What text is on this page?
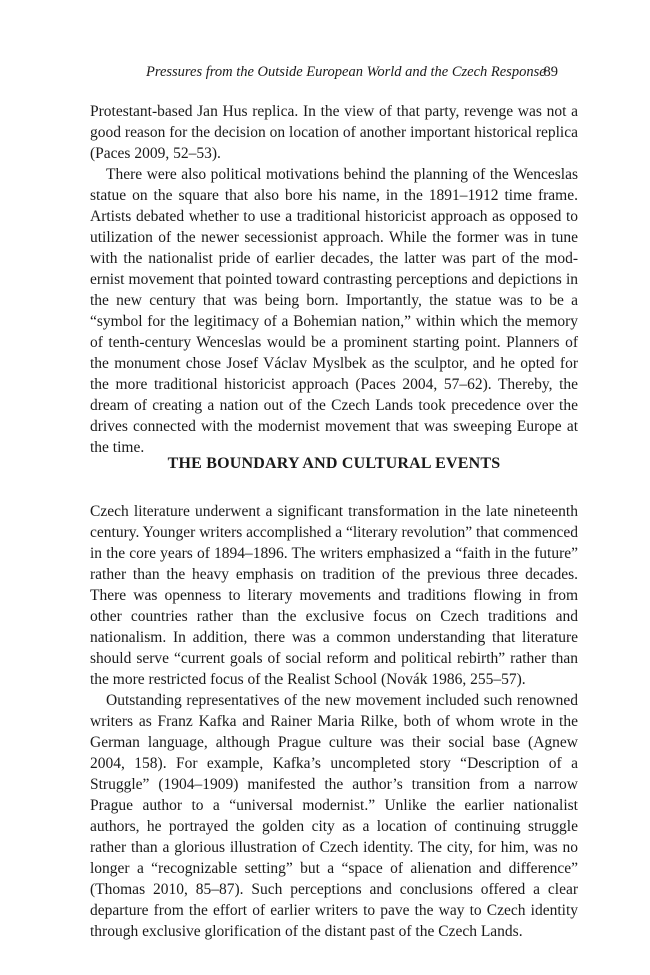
Pressures from the Outside European World and the Czech Response
89

Protestant-based Jan Hus replica. In the view of that party, revenge was not a good reason for the decision on location of another important historical replica (Paces 2009, 52–53).

There were also political motivations behind the planning of the Wenceslas statue on the square that also bore his name, in the 1891–1912 time frame. Artists debated whether to use a traditional historicist approach as opposed to utilization of the newer secessionist approach. While the former was in tune with the nationalist pride of earlier decades, the latter was part of the modernist movement that pointed toward contrasting perceptions and depictions in the new century that was being born. Importantly, the statue was to be a “symbol for the legitimacy of a Bohemian nation,” within which the memory of tenth-century Wenceslas would be a prominent starting point. Planners of the monument chose Josef Václav Myslbek as the sculptor, and he opted for the more traditional historicist approach (Paces 2004, 57–62). Thereby, the dream of creating a nation out of the Czech Lands took precedence over the drives connected with the modernist movement that was sweeping Europe at the time.

THE BOUNDARY AND CULTURAL EVENTS

Czech literature underwent a significant transformation in the late nineteenth century. Younger writers accomplished a “literary revolution” that commenced in the core years of 1894–1896. The writers emphasized a “faith in the future” rather than the heavy emphasis on tradition of the previous three decades. There was openness to literary movements and traditions flowing in from other countries rather than the exclusive focus on Czech traditions and nationalism. In addition, there was a common understanding that literature should serve “current goals of social reform and political rebirth” rather than the more restricted focus of the Realist School (Novák 1986, 255–57).

Outstanding representatives of the new movement included such renowned writers as Franz Kafka and Rainer Maria Rilke, both of whom wrote in the German language, although Prague culture was their social base (Agnew 2004, 158). For example, Kafka’s uncompleted story “Description of a Struggle” (1904–1909) manifested the author’s transition from a narrow Prague author to a “universal modernist.” Unlike the earlier nationalist authors, he portrayed the golden city as a location of continuing struggle rather than a glorious illustration of Czech identity. The city, for him, was no longer a “recognizable setting” but a “space of alienation and difference” (Thomas 2010, 85–87). Such perceptions and conclusions offered a clear departure from the effort of earlier writers to pave the way to Czech identity through exclusive glorification of the distant past of the Czech Lands.
